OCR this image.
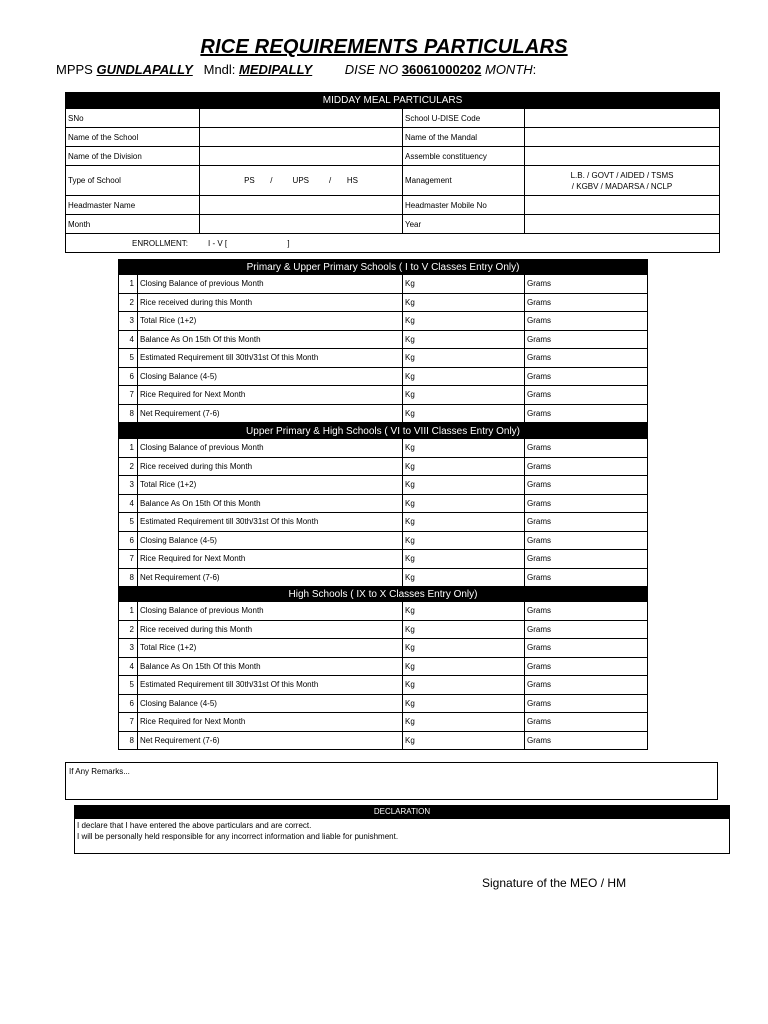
RICE REQUIREMENTS PARTICULARS
MPPS GUNDLAPALLY Mndl: MEDIPALLY	DISE NO 36061000202 MONTH:
MIDDAY MEAL PARTICULARS			
SNo		School U-DISE Code	
Name of the School		Name of the Mandal	
Name of the Division		Assemble constituency	
Type of School	PS / UPS / HS	Management	L.B. / GOVT / AIDED / TSMS
/ KGBV / MADARSA / NCLP

Headmaster Name		Headmaster Mobile No	
Month		Year	
ENROLLMENT: I - V [ ]			
Primary & Upper Primary Schools ( I to V Classes Entry Only)			
1	Closing Balance of previous Month	Kg	Grams
2	Rice received during this Month	Kg	Grams
3	Total Rice (1+2)	Kg	Grams
4	Balance As On 15th Of this Month	Kg	Grams
5	Estimated Requirement till 30th/31st Of this Month	Kg	Grams
6	Closing Balance (4-5)	Kg	Grams
7	Rice Required for Next Month	Kg	Grams
8	Net Requirement (7-6)	Kg	Grams
Upper Primary & High Schools ( VI to VIII Classes Entry Only)			
1	Closing Balance of previous Month	Kg	Grams
2	Rice received during this Month	Kg	Grams
3	Total Rice (1+2)	Kg	Grams
4	Balance As On 15th Of this Month	Kg	Grams
5	Estimated Requirement till 30th/31st Of this Month	Kg	Grams
6	Closing Balance (4-5)	Kg	Grams
7	Rice Required for Next Month	Kg	Grams
8	Net Requirement (7-6)	Kg	Grams
High Schools ( IX to X Classes Entry Only)			
1	Closing Balance of previous Month	Kg	Grams
2	Rice received during this Month	Kg	Grams
3	Total Rice (1+2)	Kg	Grams
4	Balance As On 15th Of this Month	Kg	Grams
5	Estimated Requirement till 30th/31st Of this Month	Kg	Grams
6	Closing Balance (4-5)	Kg	Grams
7	Rice Required for Next Month	Kg	Grams
8	Net Requirement (7-6)	Kg	Grams
If Any Remarks...
DECLARATION
I declare that I have entered the above particulars and are correct.
I will be personally held responsible for any incorrect information and liable for punishment.
Signature of the MEO / HM
